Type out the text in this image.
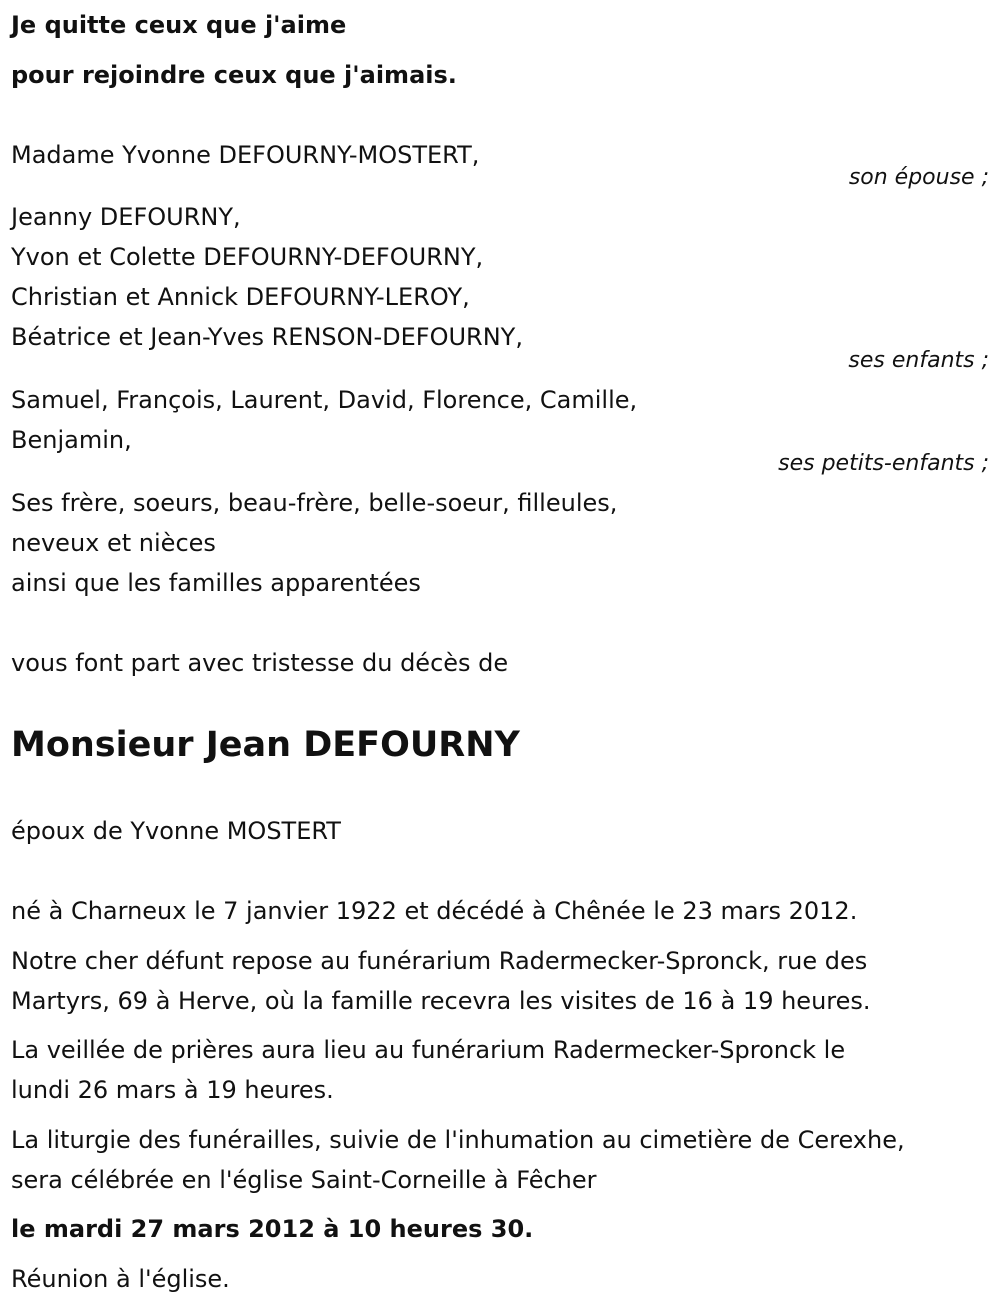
Je quitte ceux que j'aime

pour rejoindre ceux que j'aimais.

Madame Yvonne DEFOURNY-MOSTERT,

son épouse ;

Jeanny DEFOURNY,

Yvon et Colette DEFOURNY-DEFOURNY,

Christian et Annick DEFOURNY-LEROY,

Béatrice et Jean-Yves RENSON-DEFOURNY,

ses enfants ;

Samuel, François, Laurent, David, Florence, Camille,

Benjamin,

ses petits-enfants ;

Ses frère, soeurs, beau-frère, belle-soeur, filleules,

neveux et nièces

ainsi que les familles apparentées

vous font part avec tristesse du décès de

Monsieur Jean DEFOURNY

époux de Yvonne MOSTERT

né à Charneux le 7 janvier 1922 et décédé à Chênée le 23 mars 2012.

Notre cher défunt repose au funérarium Radermecker-Spronck, rue des

Martyrs, 69 à Herve, où la famille recevra les visites de 16 à 19 heures.

La veillée de prières aura lieu au funérarium Radermecker-Spronck le

lundi 26 mars à 19 heures.

La liturgie des funérailles, suivie de l'inhumation au cimetière de Cerexhe,

sera célébrée en l'église Saint-Corneille à Fêcher

le mardi 27 mars 2012 à 10 heures 30.

Réunion à l'église.
